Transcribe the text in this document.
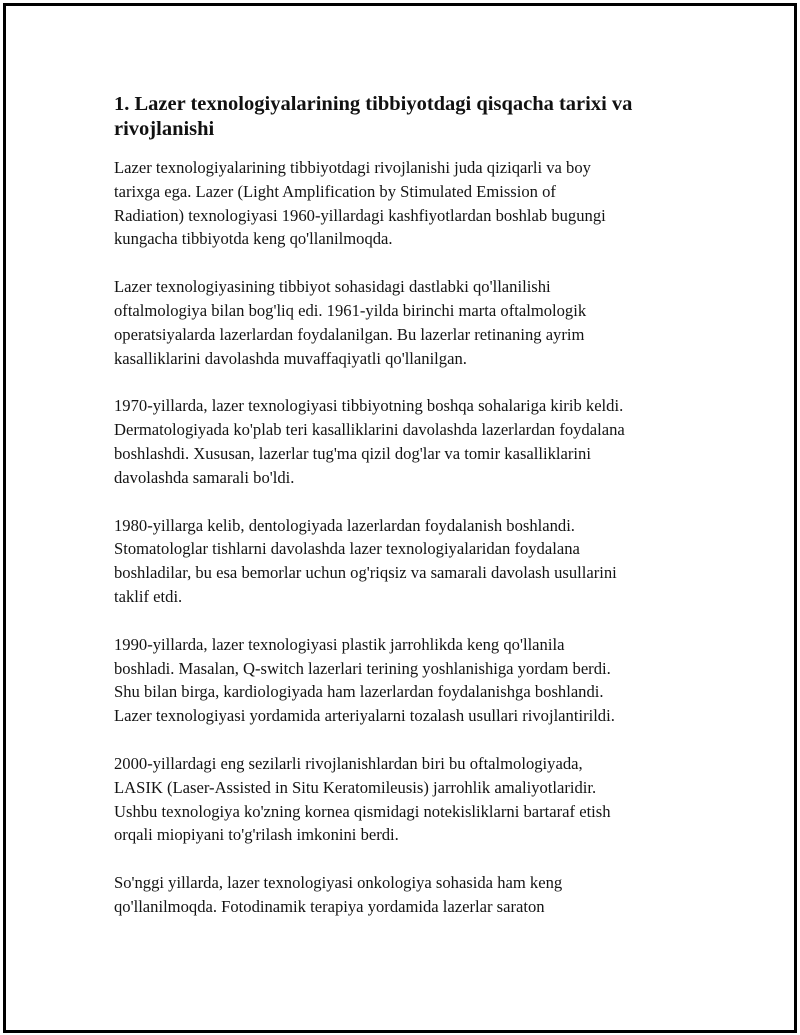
1. Lazer texnologiyalarining tibbiyotdagi qisqacha tarixi va
rivojlanishi

Lazer texnologiyalarining tibbiyotdagi rivojlanishi juda qiziqarli va boy
tarixga ega. Lazer (Light Amplification by Stimulated Emission of
Radiation) texnologiyasi 1960-yillardagi kashfiyotlardan boshlab bugungi
kungacha tibbiyotda keng qo'llanilmoqda.

Lazer texnologiyasining tibbiyot sohasidagi dastlabki qo'llanilishi
oftalmologiya bilan bog'liq edi. 1961-yilda birinchi marta oftalmologik
operatsiyalarda lazerlardan foydalanilgan. Bu lazerlar retinaning ayrim
kasalliklarini davolashda muvaffaqiyatli qo'llanilgan.

1970-yillarda, lazer texnologiyasi tibbiyotning boshqa sohalariga kirib keldi.
Dermatologiyada ko'plab teri kasalliklarini davolashda lazerlardan foydalana
boshlashdi. Xususan, lazerlar tug'ma qizil dog'lar va tomir kasalliklarini
davolashda samarali bo'ldi.

1980-yillarga kelib, dentologiyada lazerlardan foydalanish boshlandi.
Stomatologlar tishlarni davolashda lazer texnologiyalaridan foydalana
boshladilar, bu esa bemorlar uchun og'riqsiz va samarali davolash usullarini
taklif etdi.

1990-yillarda, lazer texnologiyasi plastik jarrohlikda keng qo'llanila
boshladi. Masalan, Q-switch lazerlari terining yoshlanishiga yordam berdi.
Shu bilan birga, kardiologiyada ham lazerlardan foydalanishga boshlandi.
Lazer texnologiyasi yordamida arteriyalarni tozalash usullari rivojlantirildi.

2000-yillardagi eng sezilarli rivojlanishlardan biri bu oftalmologiyada,
LASIK (Laser-Assisted in Situ Keratomileusis) jarrohlik amaliyotlaridir.
Ushbu texnologiya ko'zning kornea qismidagi notekisliklarni bartaraf etish
orqali miopiyani to'g'rilash imkonini berdi.

So'nggi yillarda, lazer texnologiyasi onkologiya sohasida ham keng
qo'llanilmoqda. Fotodinamik terapiya yordamida lazerlar saraton
